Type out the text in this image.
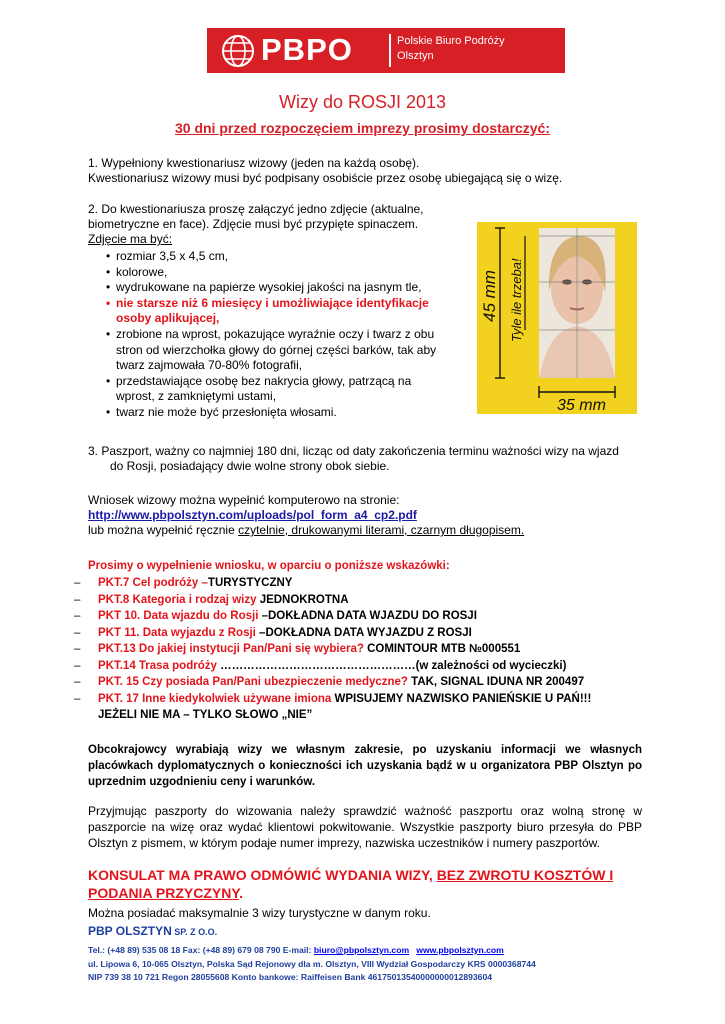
PBPO	Polskie Biuro Podróży
Olsztyn
Wizy do ROSJI 2013
30 dni przed rozpoczęciem imprezy prosimy dostarczyć:
1. Wypełniony kwestionariusz wizowy (jeden na każdą osobę).
Kwestionariusz wizowy musi być podpisany osobiście przez osobę ubiegającą się o wizę.
2. Do kwestionariusza proszę załączyć jedno zdjęcie (aktualne,
biometryczne en face). Zdjęcie musi być przypięte spinaczem.
Zdjęcie ma być:
• rozmiar 3,5 x 4,5 cm,
• kolorowe,
• wydrukowane na papierze wysokiej jakości na jasnym tle,
• nie starsze niż 6 miesięcy i umożliwiające identyfikacje osoby aplikującej,
• zrobione na wprost, pokazujące wyraźnie oczy i twarz z obu stron od wierzchołka głowy do górnej części barków, tak aby twarz zajmowała 70-80% fotografii,
• przedstawiające osobę bez nakrycia głowy, patrzącą na wprost, z zamkniętymi ustami,
• twarz nie może być przesłonięta włosami.
45 mm Tyle ile trzeba!
35 mm
3. Paszport, ważny co najmniej 180 dni, licząc od daty zakończenia terminu ważności wizy na wjazd
do Rosji, posiadający dwie wolne strony obok siebie.
Wniosek wizowy można wypełnić komputerowo na stronie:
http://www.pbpolsztyn.com/uploads/pol_form_a4_cp2.pdf
lub można wypełnić ręcznie czytelnie, drukowanymi literami, czarnym długopisem.
Prosimy o wypełnienie wniosku, w oparciu o poniższe wskazówki:
– PKT.7 Cel podróży –TURYSTYCZNY
– PKT.8 Kategoria i rodzaj wizy JEDNOKROTNA
– PKT 10. Data wjazdu do Rosji –DOKŁADNA DATA WJAZDU DO ROSJI
– PKT 11. Data wyjazdu z Rosji –DOKŁADNA DATA WYJAZDU Z ROSJI
– PKT.13 Do jakiej instytucji Pan/Pani się wybiera? COMINTOUR MTB №000551
– PKT.14 Trasa podróży ……………………………………………(w zależności od wycieczki)
– PKT. 15 Czy posiada Pan/Pani ubezpieczenie medyczne? TAK, SIGNAL IDUNA NR 200497
– PKT. 17 Inne kiedykolwiek używane imiona WPISUJEMY NAZWISKO PANIEŃSKIE U PAŃ!!! JEŻELI NIE MA – TYLKO SŁOWO „NIE”
Obcokrajowcy wyrabiają wizy we własnym zakresie, po uzyskaniu informacji we własnych placówkach dyplomatycznych o konieczności ich uzyskania bądź w u organizatora PBP Olsztyn po uprzednim uzgodnieniu ceny i warunków.
Przyjmując paszporty do wizowania należy sprawdzić ważność paszportu oraz wolną stronę w paszporcie na wizę oraz wydać klientowi pokwitowanie. Wszystkie paszporty biuro przesyła do PBP Olsztyn z pismem, w którym podaje numer imprezy, nazwiska uczestników i numery paszportów.
KONSULAT MA PRAWO ODMÓWIĆ WYDANIA WIZY, BEZ ZWROTU KOSZTÓW I PODANIA PRZYCZYNY.
Można posiadać maksymalnie 3 wizy turystyczne w danym roku.
PBP OLSZTYN SP. Z O.O.
Tel.: (+48 89) 535 08 18 Fax: (+48 89) 679 08 790 E-mail: biuro@pbpolsztyn.com www.pbpolsztyn.com
ul. Lipowa 6, 10-065 Olsztyn, Polska Sąd Rejonowy dla m. Olsztyn, VIII Wydział Gospodarczy KRS 0000368744
NIP 739 38 10 721 Regon 28055608 Konto bankowe: Raiffeisen Bank 46175013540000000012893604
